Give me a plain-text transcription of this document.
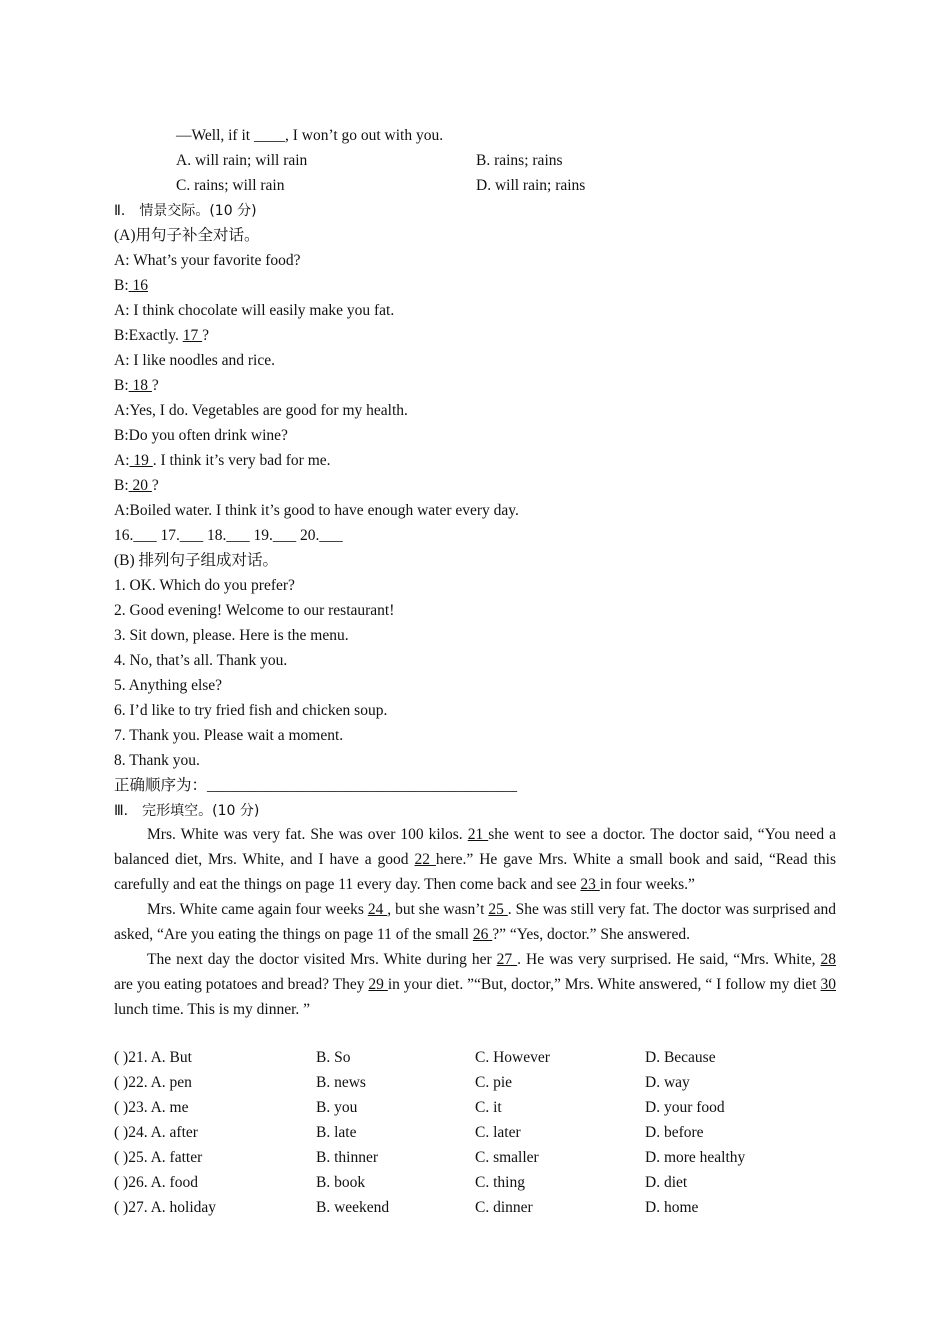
—Well, if it ____, I won’t go out with you.
A. will rain; will rain	B. rains; rains
C. rains; will rain	D. will rain; rains
Ⅱ． 情景交际。(10 分)
(A)用句子补全对话。
A: What’s your favorite food?
B: 16
A: I think chocolate will easily make you fat.
B:Exactly. 17 ?
A: I like noodles and rice.
B: 18 ?
A:Yes, I do. Vegetables are good for my health.
B:Do you often drink wine?
A: 19 . I think it’s very bad for me.
B: 20 ?
A:Boiled water. I think it’s good to have enough water every day.
16.___ 17.___ 18.___ 19.___ 20.___
(B) 排列句子组成对话。
1. OK. Which do you prefer?
2. Good evening! Welcome to our restaurant!
3. Sit down, please. Here is the menu.
4. No, that’s all. Thank you.
5. Anything else?
6. I’d like to try fried fish and chicken soup.
7. Thank you. Please wait a moment.
8. Thank you.
正确顺序为：________________________________________
Ⅲ． 完形填空。(10 分)

Mrs. White was very fat. She was over 100 kilos. 21 she went to see a doctor. The doctor said, “You need a balanced diet, Mrs. White, and I have a good 22 here.” He gave Mrs. White a small book and said, “Read this carefully and eat the things on page 11 every day. Then come back and see 23 in four weeks.”

Mrs. White came again four weeks 24 , but she wasn’t 25 . She was still very fat. The doctor was surprised and asked, “Are you eating the things on page 11 of the small 26 ?” “Yes, doctor.” She answered.

The next day the doctor visited Mrs. White during her 27 . He was very surprised. He said, “Mrs. White, 28 are you eating potatoes and bread? They 29 in your diet. ”“But, doctor,” Mrs. White answered, “ I follow my diet 30 lunch time. This is my dinner. ”

( )21. A. But	B. So	C. However	D. Because
( )22. A. pen	B. news	C. pie	D. way
( )23. A. me	B. you	C. it	D. your food
( )24. A. after	B. late	C. later	D. before
( )25. A. fatter	B. thinner	C. smaller	D. more healthy
( )26. A. food	B. book	C. thing	D. diet
( )27. A. holiday	B. weekend	C. dinner	D. home
